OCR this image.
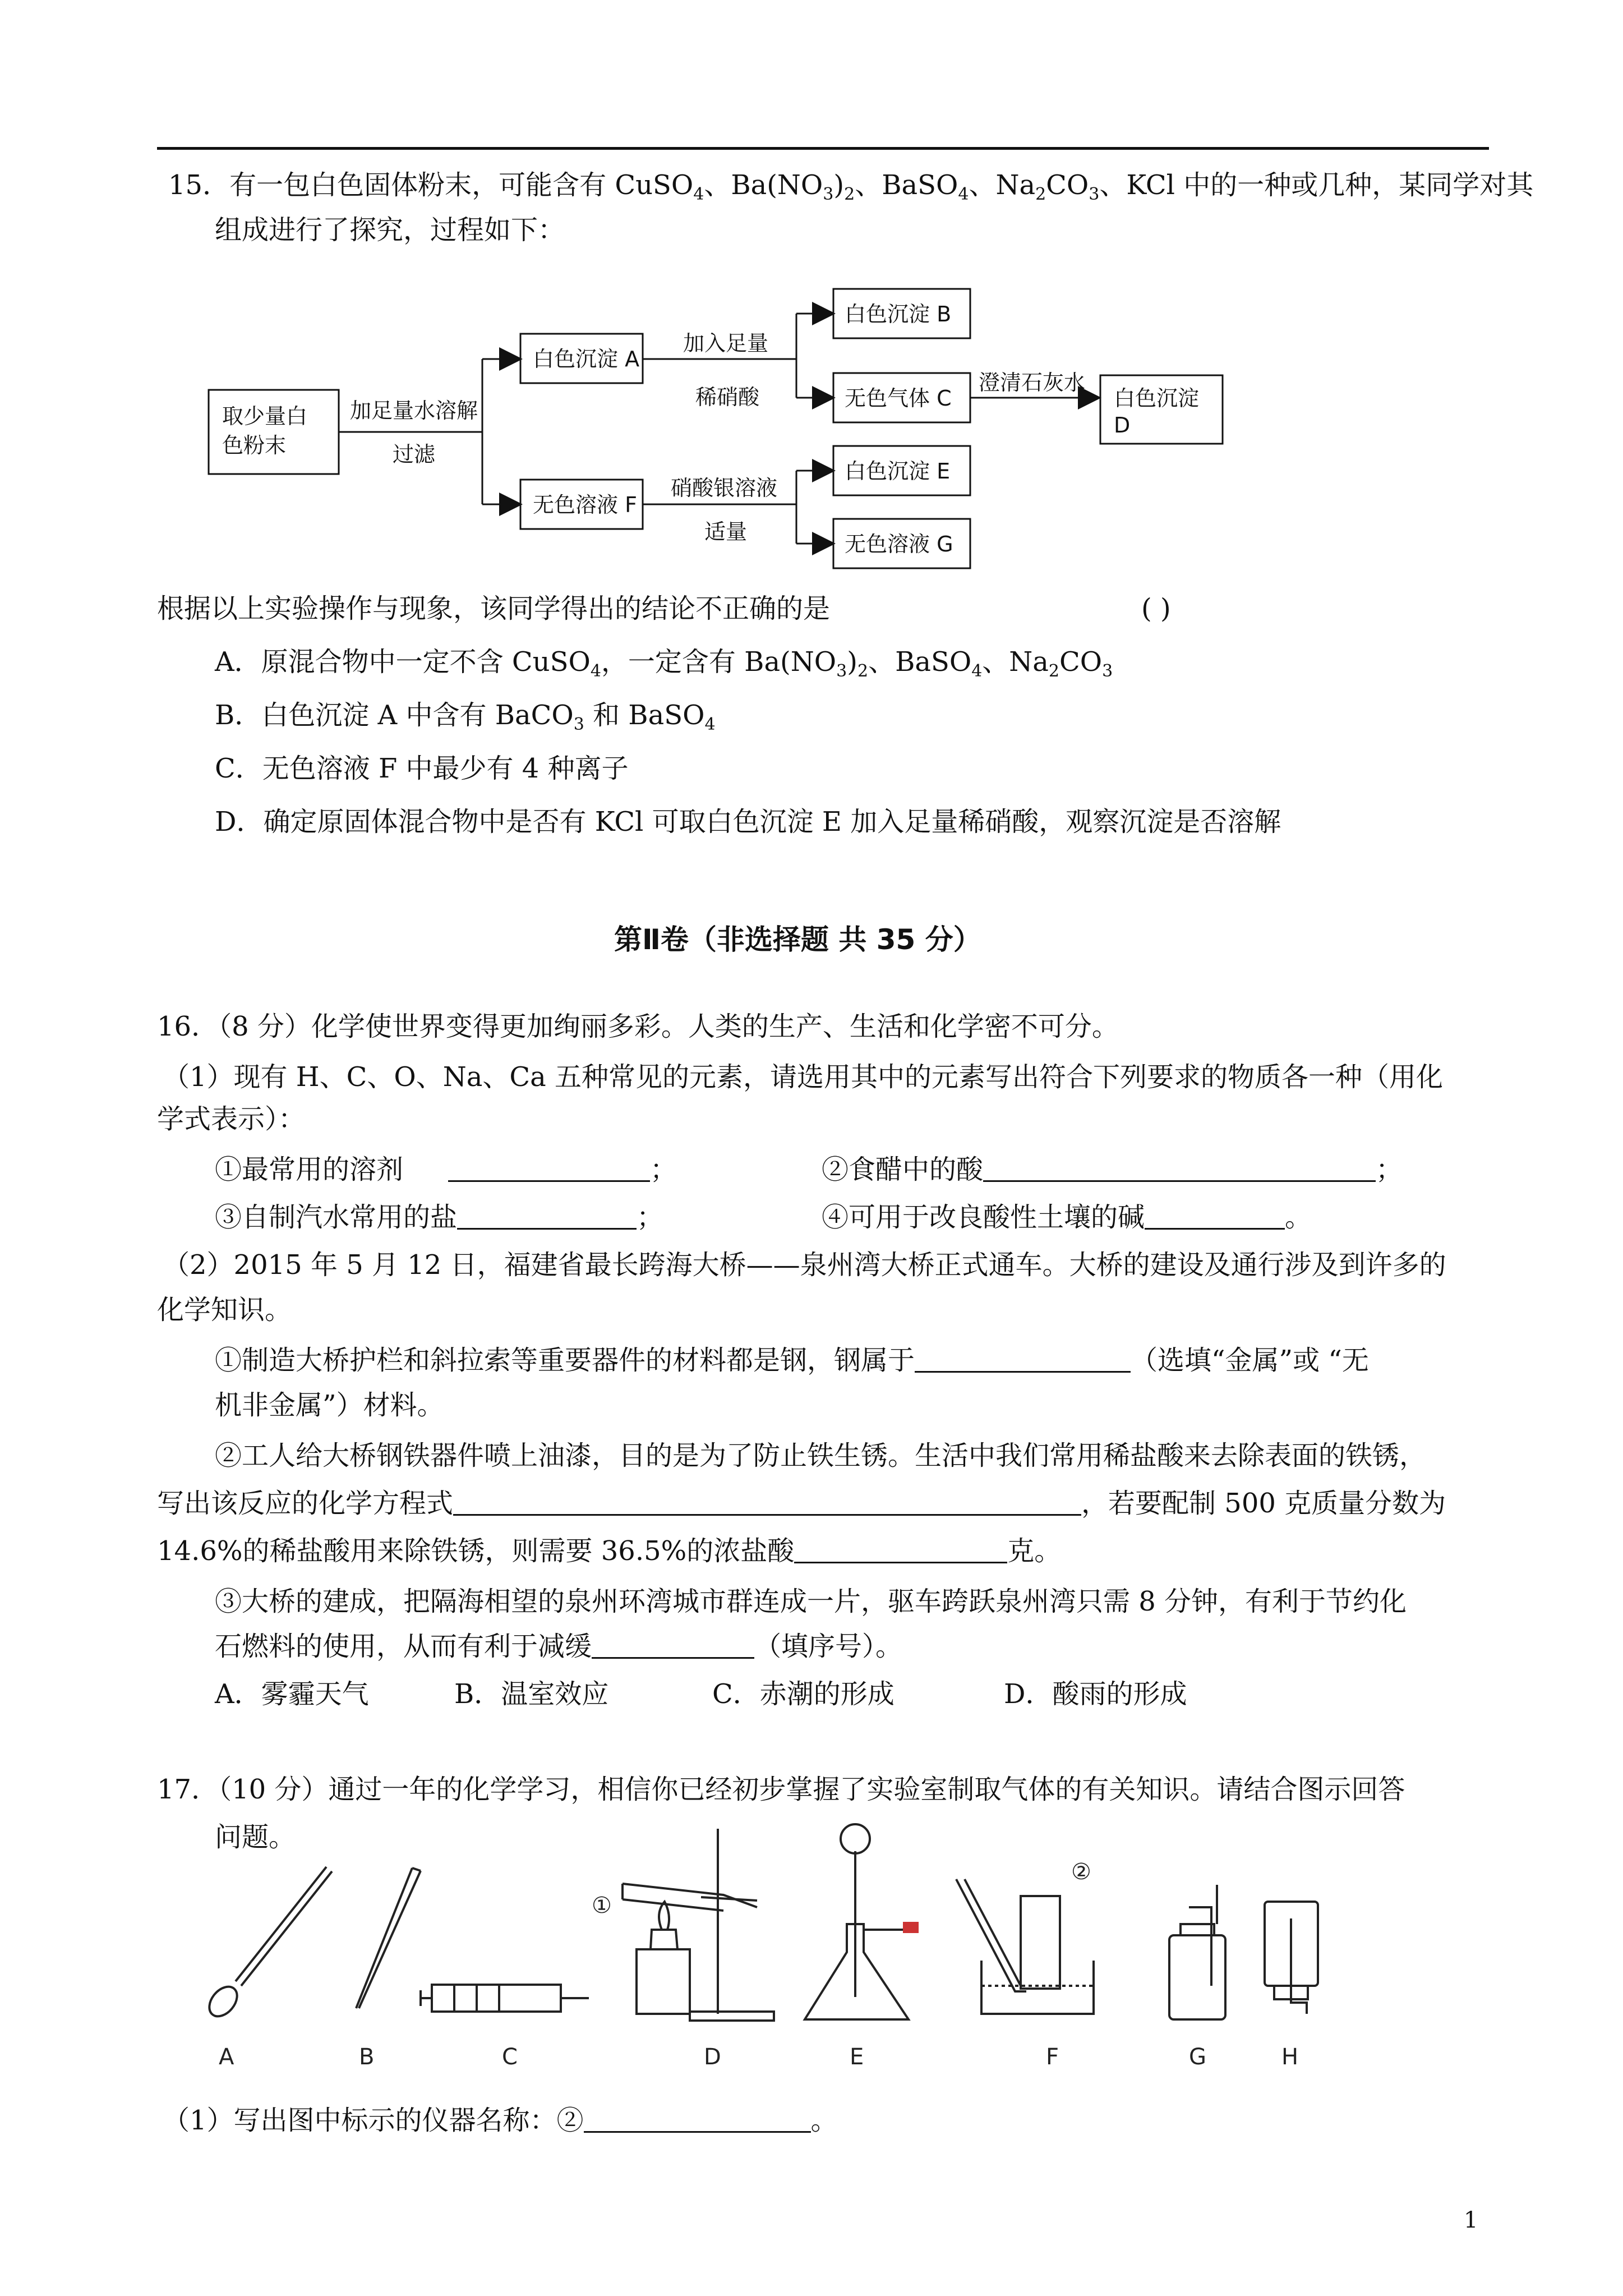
15．有一包白色固体粉末，可能含有 CuSO$_4$、$Ba(NO_3)_2$、BaSO$_4$、$Na_2CO_3$、KCl 中的一种或几种，某同学对其
组成进行了探究，过程如下：
取少量白
色粉末
加足量水溶解
过滤
白色沉淀 A
无色溶液 F
加入足量
稀硝酸
白色沉淀 B
无色气体 C
澄清石灰水
硝酸银溶液
适量
白色沉淀 E
无色溶液 G
白色沉淀
D
根据以上实验操作与现象，该同学得出的结论不正确的是	( )
A．原混合物中一定不含 CuSO$_4$，一定含有 $Ba(NO_3)_2$、BaSO$_4$、$Na_2CO_3$
B．白色沉淀 A 中含有 BaCO$_3$ 和 BaSO$_4$
C．无色溶液 F 中最少有 4 种离子
D．确定原固体混合物中是否有 KCl 可取白色沉淀 E 加入足量稀硝酸，观察沉淀是否溶解
第Ⅱ卷（非选择题 共 35 分）
16．（8 分）化学使世界变得更加绚丽多彩。人类的生产、生活和化学密不可分。
（1）现有 H、C、O、Na、Ca 五种常见的元素，请选用其中的元素写出符合下列要求的物质各一种（用化
学式表示）：
①最常用的溶剂	；	②食醋中的酸	；
③自制汽水常用的盐	；	④可用于改良酸性土壤的碱	。
（2）2015 年 5 月 12 日，福建省最长跨海大桥——泉州湾大桥正式通车。大桥的建设及通行涉及到许多的
化学知识。
①制造大桥护栏和斜拉索等重要器件的材料都是钢，钢属于	（选填“金属”或 “无
机非金属”）材料。
②工人给大桥钢铁器件喷上油漆，目的是为了防止铁生锈。生活中我们常用稀盐酸来去除表面的铁锈，
写出该反应的化学方程式	，若要配制 500 克质量分数为
14.6%的稀盐酸用来除铁锈，则需要 36.5%的浓盐酸	克。
③大桥的建成，把隔海相望的泉州环湾城市群连成一片，驱车跨跃泉州湾只需 8 分钟，有利于节约化
石燃料的使用，从而有利于减缓	（填序号）。
A．雾霾天气	B．温室效应	C．赤潮的形成	D．酸雨的形成
17．（10 分）通过一年的化学学习，相信你已经初步掌握了实验室制取气体的有关知识。请结合图示回答
问题。
A	B	C	D	E	F	G	H
①
②
（1）写出图中标示的仪器名称：②	。
1
